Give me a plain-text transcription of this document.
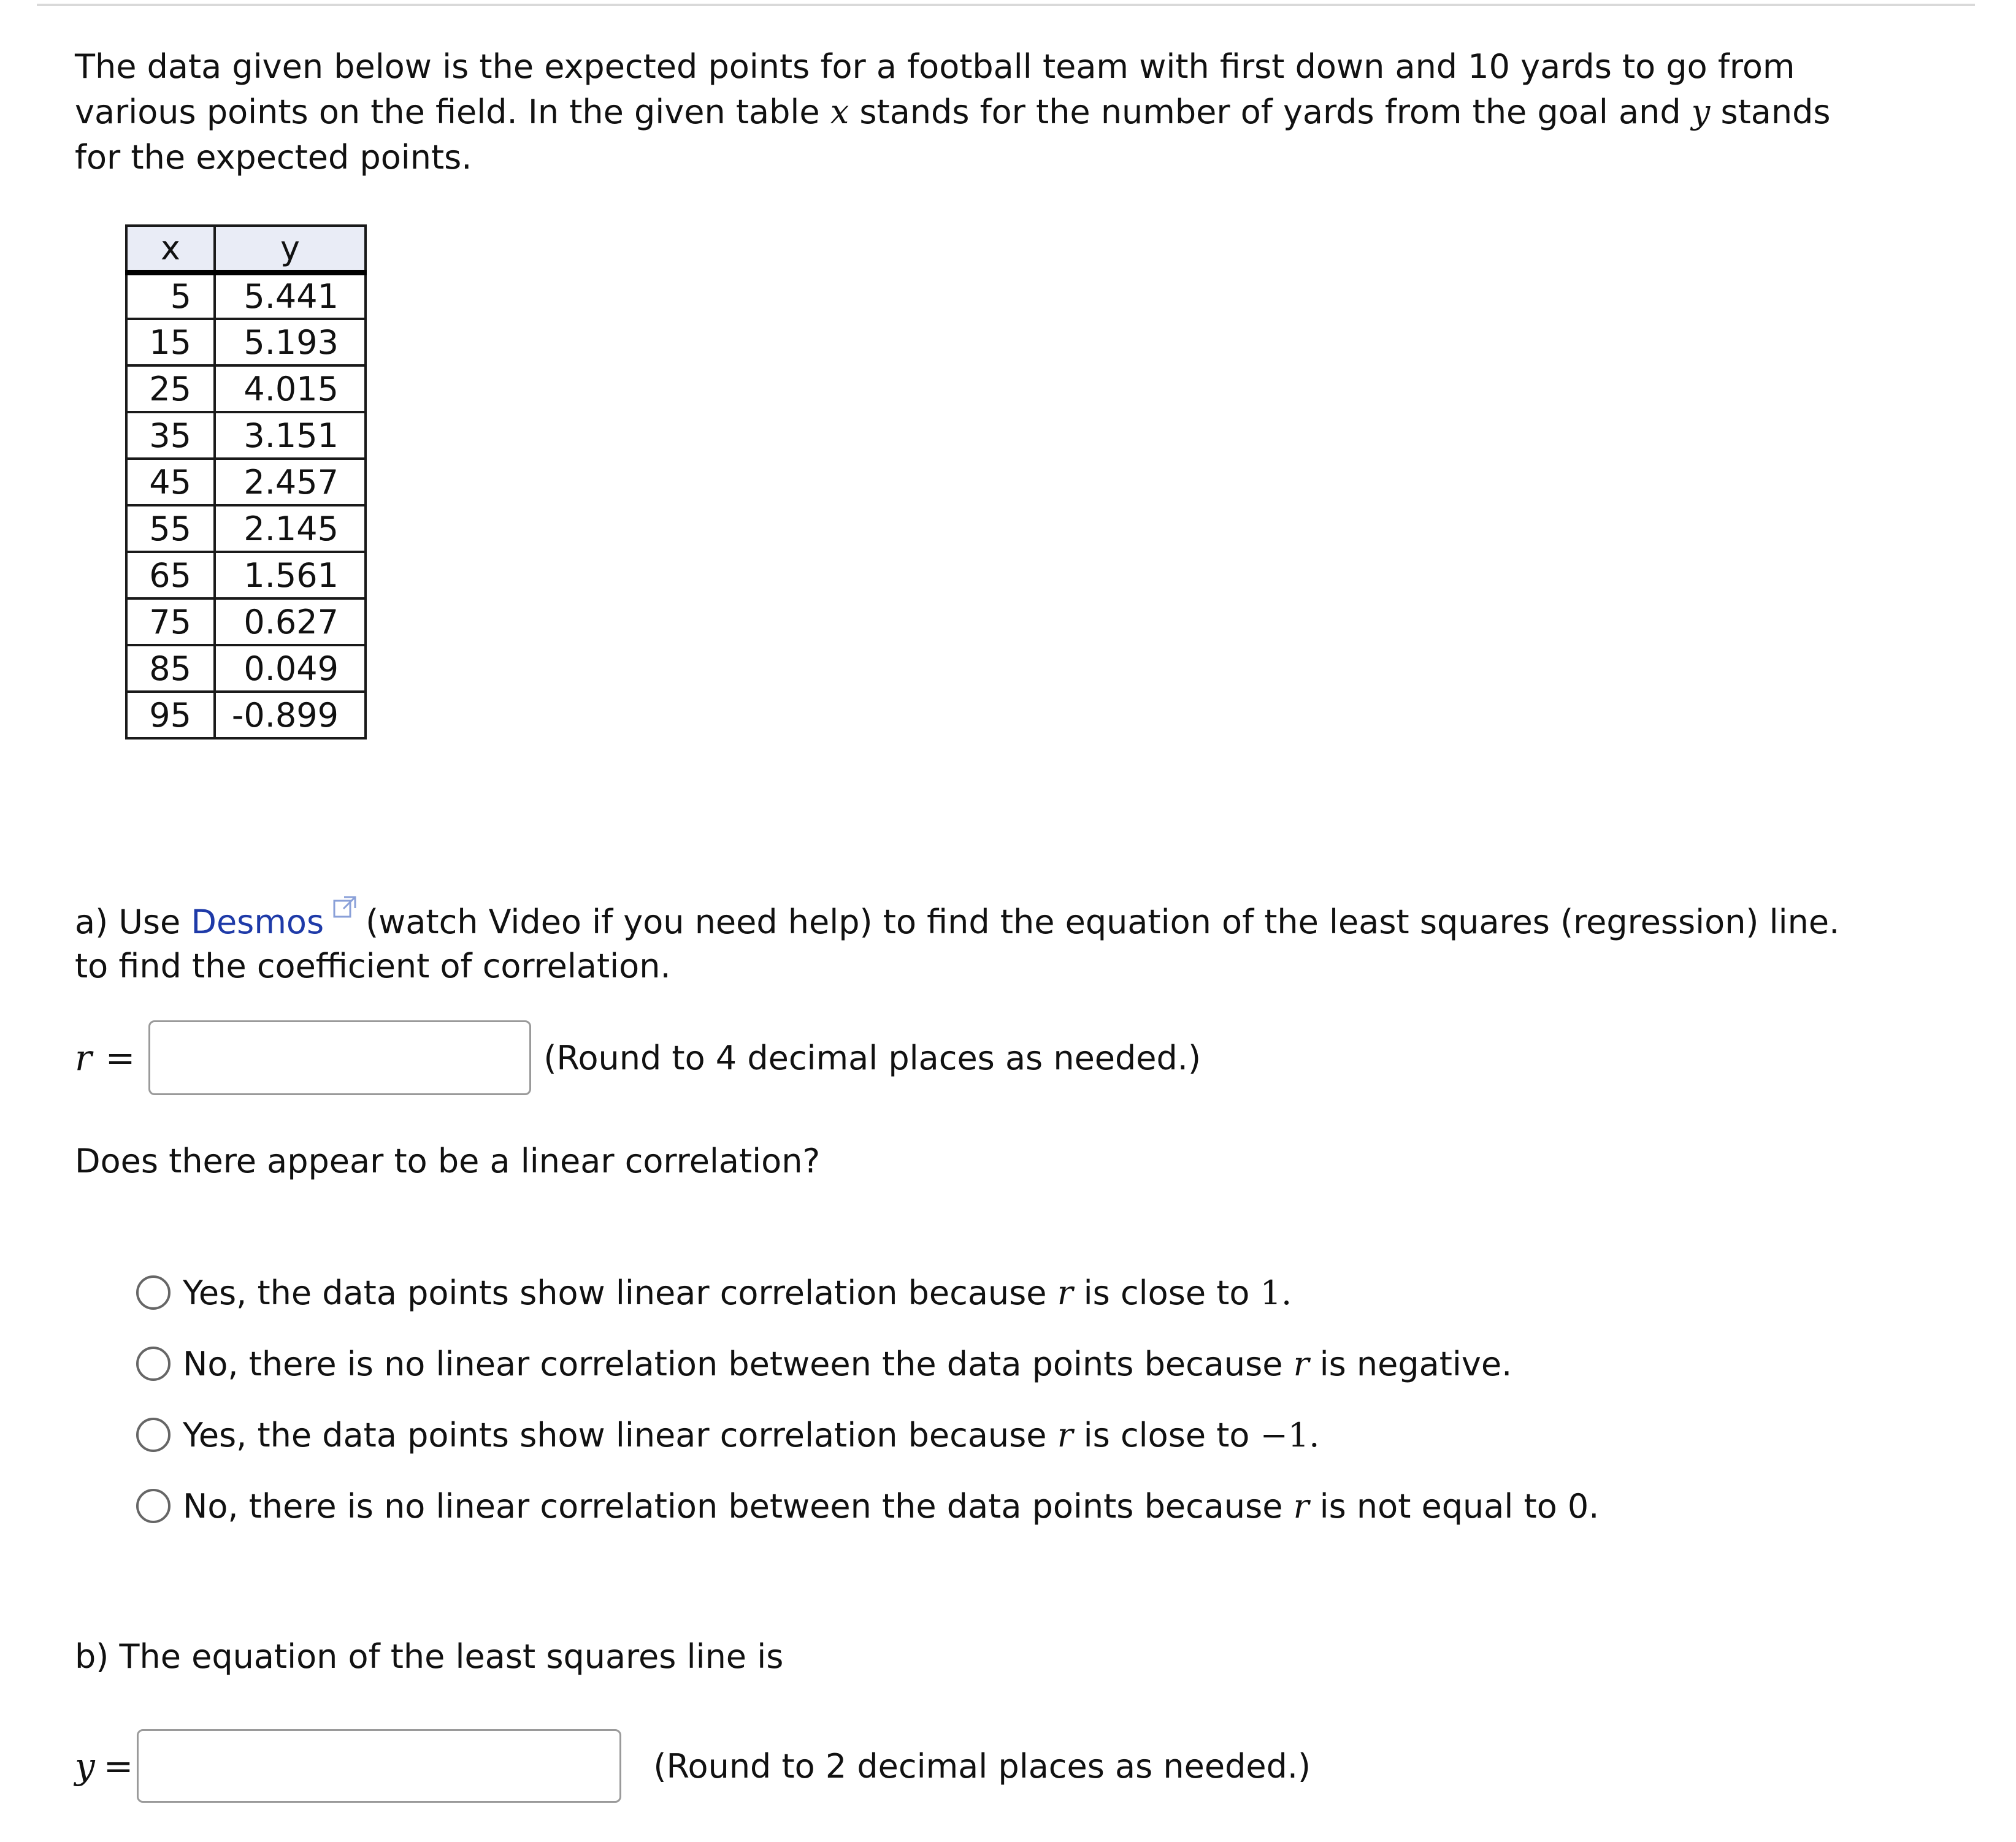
The data given below is the expected points for a football team with first down and 10 yards to go from various points on the field. In the given table x stands for the number of yards from the goal and y stands for the expected points.

x	y
5	5.441
15	5.193
25	4.015
35	3.151
45	2.457
55	2.145
65	1.561
75	0.627
85	0.049
95	-0.899

a) Use Desmos (watch Video if you need help) to find the equation of the least squares (regression) line.

to find the coefficient of correlation.

r =	(Round to 4 decimal places as needed.)
Does there appear to be a linear correlation?
Yes, the data points show linear correlation because r is close to 1.
No, there is no linear correlation between the data points because r is negative.
Yes, the data points show linear correlation because r is close to −1.
No, there is no linear correlation between the data points because r is not equal to 0.
b) The equation of the least squares line is
y =	(Round to 2 decimal places as needed.)
